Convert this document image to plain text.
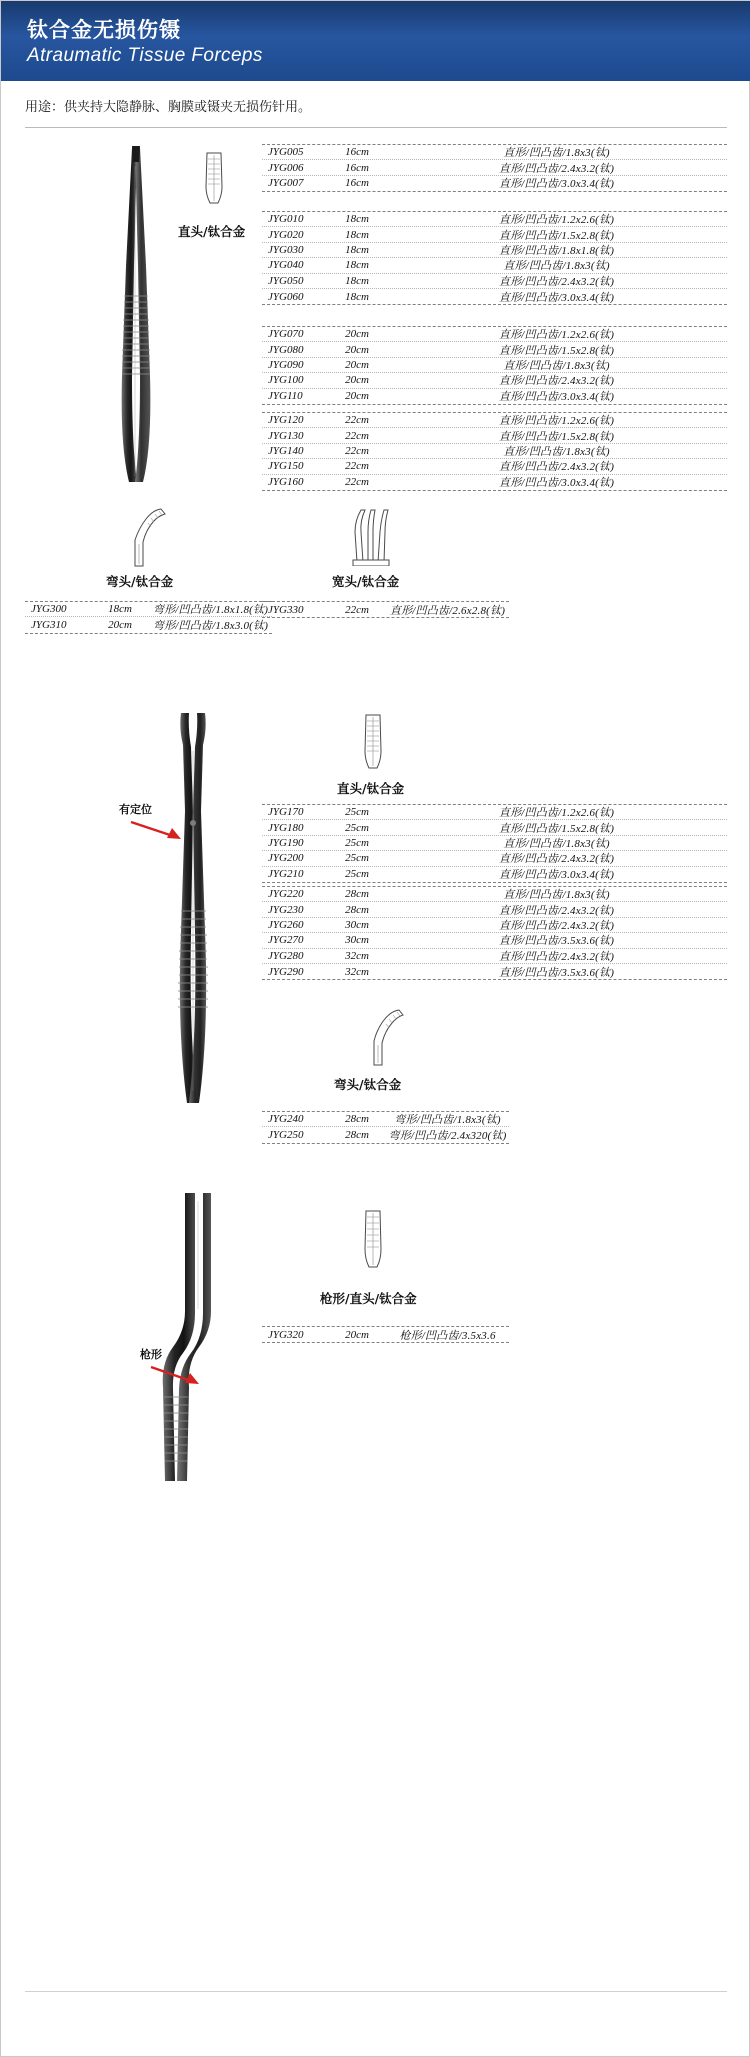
钛合金无损伤镊
Atraumatic Tissue Forceps
用途：供夹持大隐静脉、胸膜或镊夹无损伤针用。
直头/钛合金
JYG005	16cm	直形/凹凸齿/1.8x3(钛)
JYG006	16cm	直形/凹凸齿/2.4x3.2(钛)
JYG007	16cm	直形/凹凸齿/3.0x3.4(钛)
JYG010	18cm	直形/凹凸齿/1.2x2.6(钛)
JYG020	18cm	直形/凹凸齿/1.5x2.8(钛)
JYG030	18cm	直形/凹凸齿/1.8x1.8(钛)
JYG040	18cm	直形/凹凸齿/1.8x3(钛)
JYG050	18cm	直形/凹凸齿/2.4x3.2(钛)
JYG060	18cm	直形/凹凸齿/3.0x3.4(钛)
JYG070	20cm	直形/凹凸齿/1.2x2.6(钛)
JYG080	20cm	直形/凹凸齿/1.5x2.8(钛)
JYG090	20cm	直形/凹凸齿/1.8x3(钛)
JYG100	20cm	直形/凹凸齿/2.4x3.2(钛)
JYG110	20cm	直形/凹凸齿/3.0x3.4(钛)
JYG120	22cm	直形/凹凸齿/1.2x2.6(钛)
JYG130	22cm	直形/凹凸齿/1.5x2.8(钛)
JYG140	22cm	直形/凹凸齿/1.8x3(钛)
JYG150	22cm	直形/凹凸齿/2.4x3.2(钛)
JYG160	22cm	直形/凹凸齿/3.0x3.4(钛)
弯头/钛合金	宽头/钛合金
JYG300	18cm	弯形/凹凸齿/1.8x1.8(钛)
JYG310	20cm	弯形/凹凸齿/1.8x3.0(钛)
JYG330	22cm	直形/凹凸齿/2.6x2.8(钛)
有定位
直头/钛合金
JYG170	25cm	直形/凹凸齿/1.2x2.6(钛)
JYG180	25cm	直形/凹凸齿/1.5x2.8(钛)
JYG190	25cm	直形/凹凸齿/1.8x3(钛)
JYG200	25cm	直形/凹凸齿/2.4x3.2(钛)
JYG210	25cm	直形/凹凸齿/3.0x3.4(钛)
JYG220	28cm	直形/凹凸齿/1.8x3(钛)
JYG230	28cm	直形/凹凸齿/2.4x3.2(钛)
JYG260	30cm	直形/凹凸齿/2.4x3.2(钛)
JYG270	30cm	直形/凹凸齿/3.5x3.6(钛)
JYG280	32cm	直形/凹凸齿/2.4x3.2(钛)
JYG290	32cm	直形/凹凸齿/3.5x3.6(钛)
弯头/钛合金
JYG240	28cm	弯形/凹凸齿/1.8x3(钛)
JYG250	28cm	弯形/凹凸齿/2.4x320(钛)
枪形
枪形/直头/钛合金
JYG320	20cm	枪形/凹凸齿/3.5x3.6
